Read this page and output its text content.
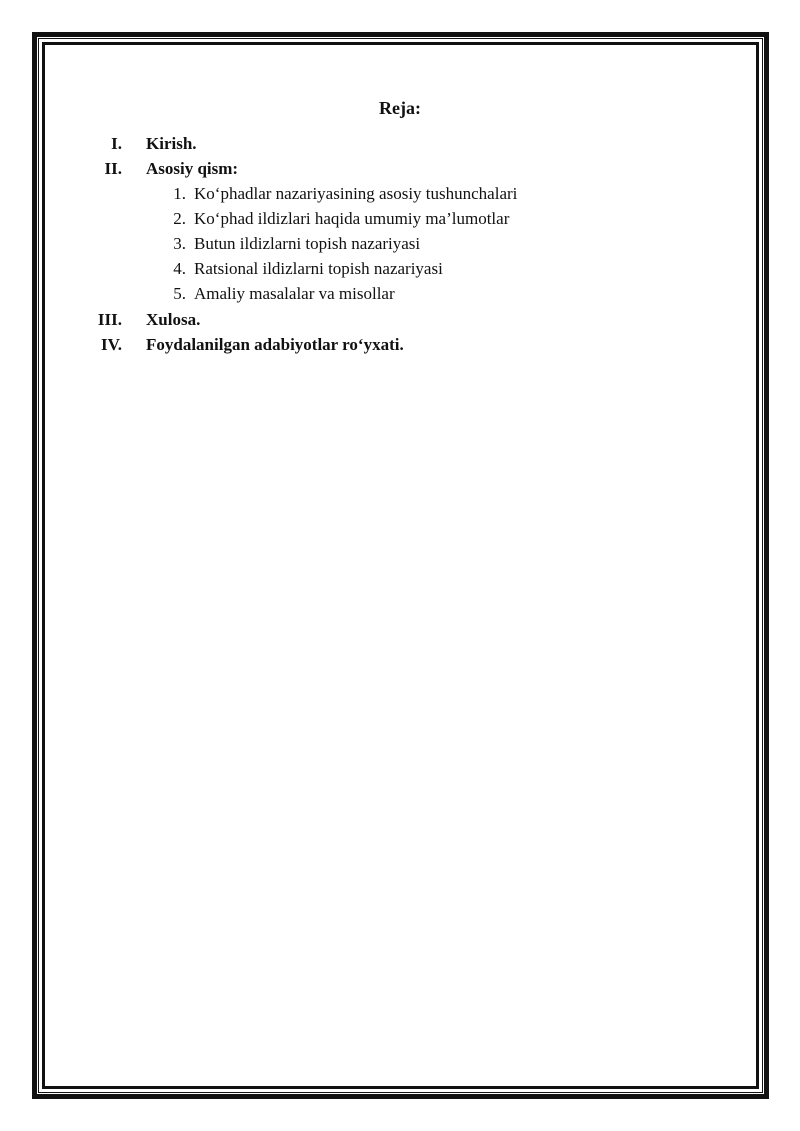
Reja:
I. Kirish.
II. Asosiy qism:
1. Ko‘phadlar nazariyasining asosiy tushunchalari
2. Ko‘phad ildizlari haqida umumiy ma’lumotlar
3. Butun ildizlarni topish nazariyasi
4. Ratsional ildizlarni topish nazariyasi
5. Amaliy masalalar va misollar
III. Xulosa.
IV. Foydalanilgan adabiyotlar ro‘yxati.
